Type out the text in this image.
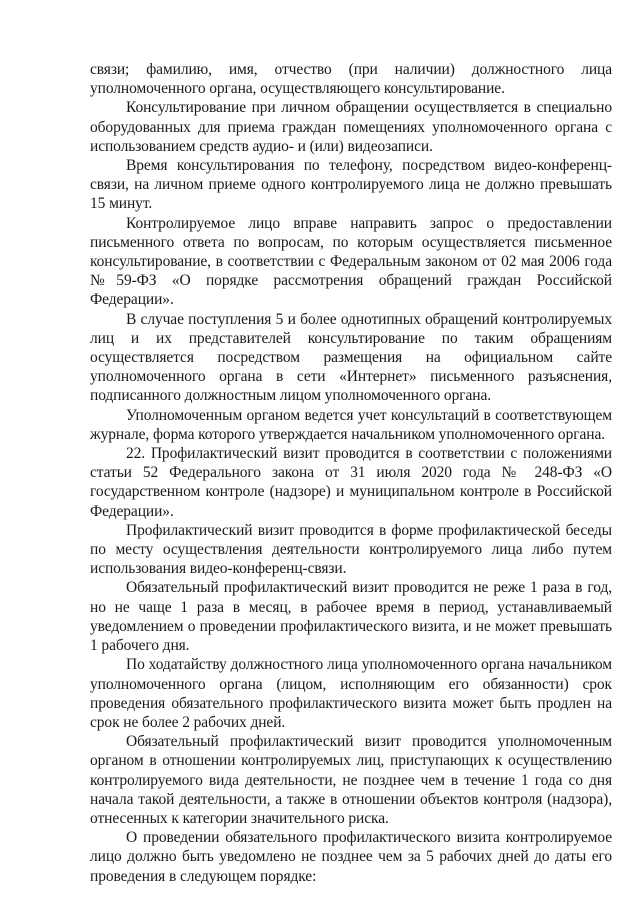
связи; фамилию, имя, отчество (при наличии) должностного лица уполномоченного органа, осуществляющего консультирование.

Консультирование при личном обращении осуществляется в специально оборудованных для приема граждан помещениях уполномоченного органа с использованием средств аудио- и (или) видеозаписи.

Время консультирования по телефону, посредством видео-конференц-связи, на личном приеме одного контролируемого лица не должно превышать 15 минут.

Контролируемое лицо вправе направить запрос о предоставлении письменного ответа по вопросам, по которым осуществляется письменное консультирование, в соответствии с Федеральным законом от 02 мая 2006 года №59-ФЗ «О порядке рассмотрения обращений граждан Российской Федерации».

В случае поступления 5 и более однотипных обращений контролируемых лиц и их представителей консультирование по таким обращениям осуществляется посредством размещения на официальном сайте уполномоченного органа в сети «Интернет» письменного разъяснения, подписанного должностным лицом уполномоченного органа.

Уполномоченным органом ведется учет консультаций в соответствующем журнале, форма которого утверждается начальником уполномоченного органа.

22. Профилактический визит проводится в соответствии с положениями статьи 52 Федерального закона от 31 июля 2020 года № 248-ФЗ «О государственном контроле (надзоре) и муниципальном контроле в Российской Федерации».

Профилактический визит проводится в форме профилактической беседы по месту осуществления деятельности контролируемого лица либо путем использования видео-конференц-связи.

Обязательный профилактический визит проводится не реже 1 раза в год, но не чаще 1 раза в месяц, в рабочее время в период, устанавливаемый уведомлением о проведении профилактического визита, и не может превышать 1 рабочего дня.

По ходатайству должностного лица уполномоченного органа начальником уполномоченного органа (лицом, исполняющим его обязанности) срок проведения обязательного профилактического визита может быть продлен на срок не более 2 рабочих дней.

Обязательный профилактический визит проводится уполномоченным органом в отношении контролируемых лиц, приступающих к осуществлению контролируемого вида деятельности, не позднее чем в течение 1 года со дня начала такой деятельности, а также в отношении объектов контроля (надзора), отнесенных к категории значительного риска.

О проведении обязательного профилактического визита контролируемое лицо должно быть уведомлено не позднее чем за 5 рабочих дней до даты его проведения в следующем порядке:
